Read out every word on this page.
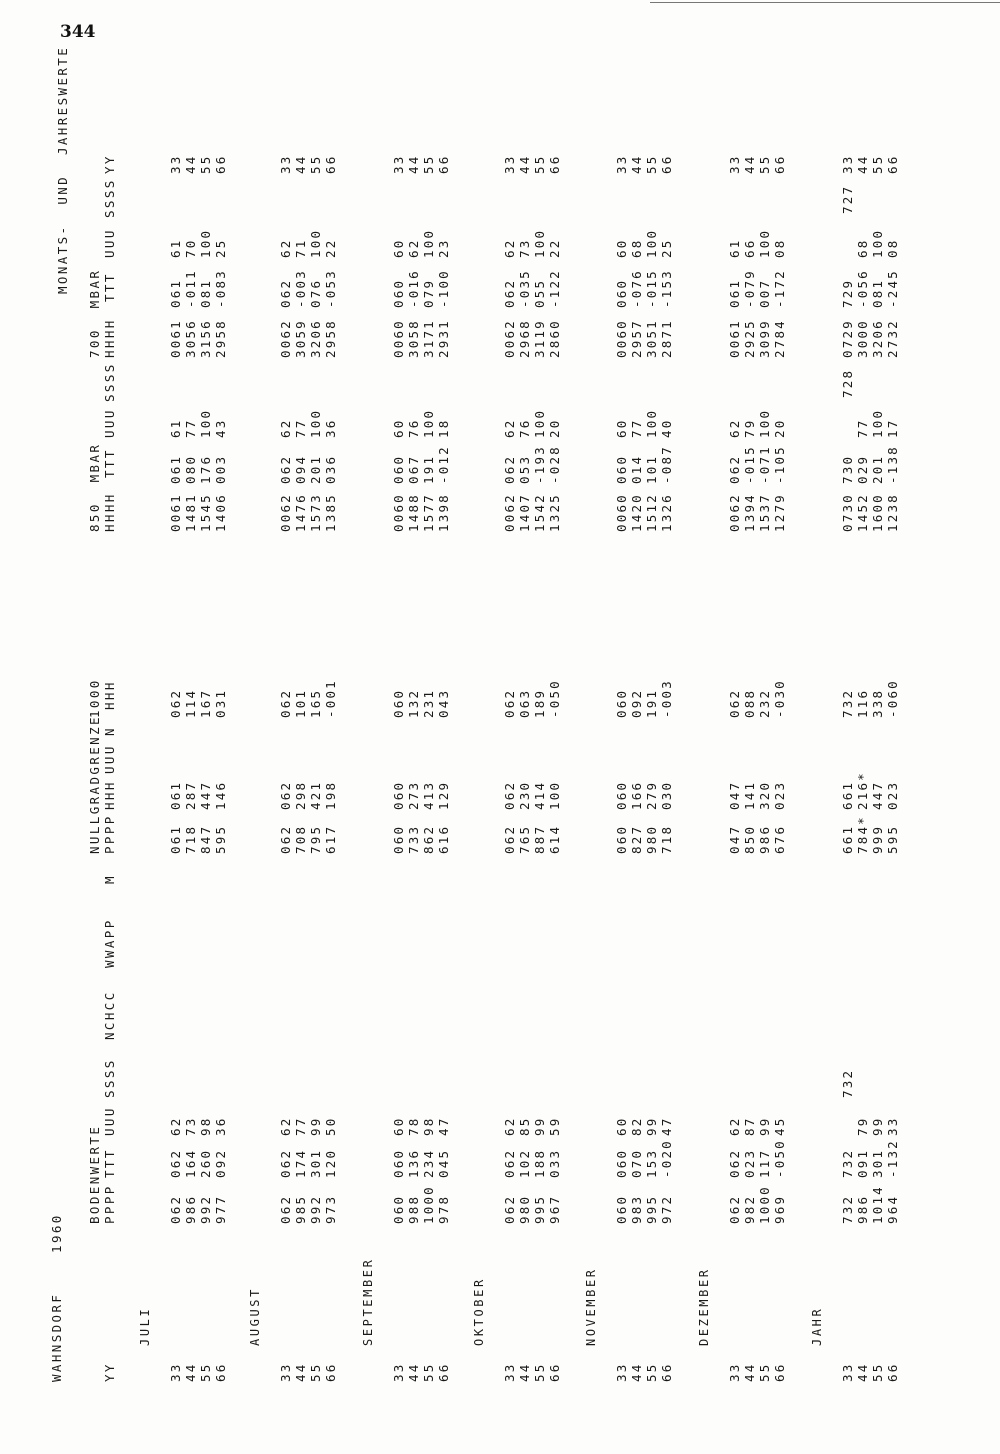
344
WAHNSDORF    1960
MONATS-  UND  JAHRESWERTE
BODENWERTE
NULLGRADGRENZE
1000
850  MBAR
700  MBAR
YY
PPPP
TTT
UUU
SSSS
NCHCC
WWAPP
M
PPPP
HHH
UUU
N
HHH
HHHH
TTT
UUU
SSSS
HHHH
TTT
UUU
SSSS
YY
JULI
33
062
062
62
061
061
062
0061
061
61
0061
061
61
33
44
986
164
73
718
287
114
1481
080
77
3056
-011
70
44
55
992
260
98
847
447
167
1545
176
100
3156
081
100
55
66
977
092
36
595
146
031
1406
003
43
2958
-083
25
66
AUGUST
33
062
062
62
062
062
062
0062
062
62
0062
062
62
33
44
985
174
77
708
298
101
1476
094
77
3059
-003
71
44
55
992
301
99
795
421
165
1573
201
100
3206
076
100
55
66
973
120
50
617
198
-001
1385
036
36
2958
-053
22
66
SEPTEMBER
33
060
060
60
060
060
060
0060
060
60
0060
060
60
33
44
988
136
78
733
273
132
1488
067
76
3058
-016
62
44
55
1000
234
98
862
413
231
1577
191
100
3171
079
100
55
66
978
045
47
616
129
043
1398
-012
18
2931
-100
23
66
OKTOBER
33
062
062
62
062
062
062
0062
062
62
0062
062
62
33
44
980
102
85
765
230
063
1407
053
76
2968
-035
73
44
55
995
188
99
887
414
189
1542
-193
100
3119
055
100
55
66
967
033
59
614
100
-050
1325
-028
20
2860
-122
22
66
NOVEMBER
33
060
060
60
060
060
060
0060
060
60
0060
060
60
33
44
983
070
82
827
166
092
1420
014
77
2957
-076
68
44
55
995
153
99
980
279
191
1512
101
100
3051
-015
100
55
66
972
-020
47
718
030
-003
1326
-087
40
2871
-153
25
66
DEZEMBER
33
062
062
62
047
047
062
0062
062
62
0061
061
61
33
44
982
023
87
850
141
088
1394
-015
79
2925
-079
66
44
55
1000
117
99
986
320
232
1537
-071
100
3099
007
100
55
66
969
-050
45
676
023
-030
1279
-105
20
2784
-172
08
66
JAHR
33
732
732
732
661
661
732
0730
730
728
0729
729
727
33
44
986
091
79
784*
216*
116
1452
029
77
3000
-056
68
44
55
1014
301
99
999
447
338
1600
201
100
3206
081
100
55
66
964
-132
33
595
023
-060
1238
-138
17
2732
-245
08
66
